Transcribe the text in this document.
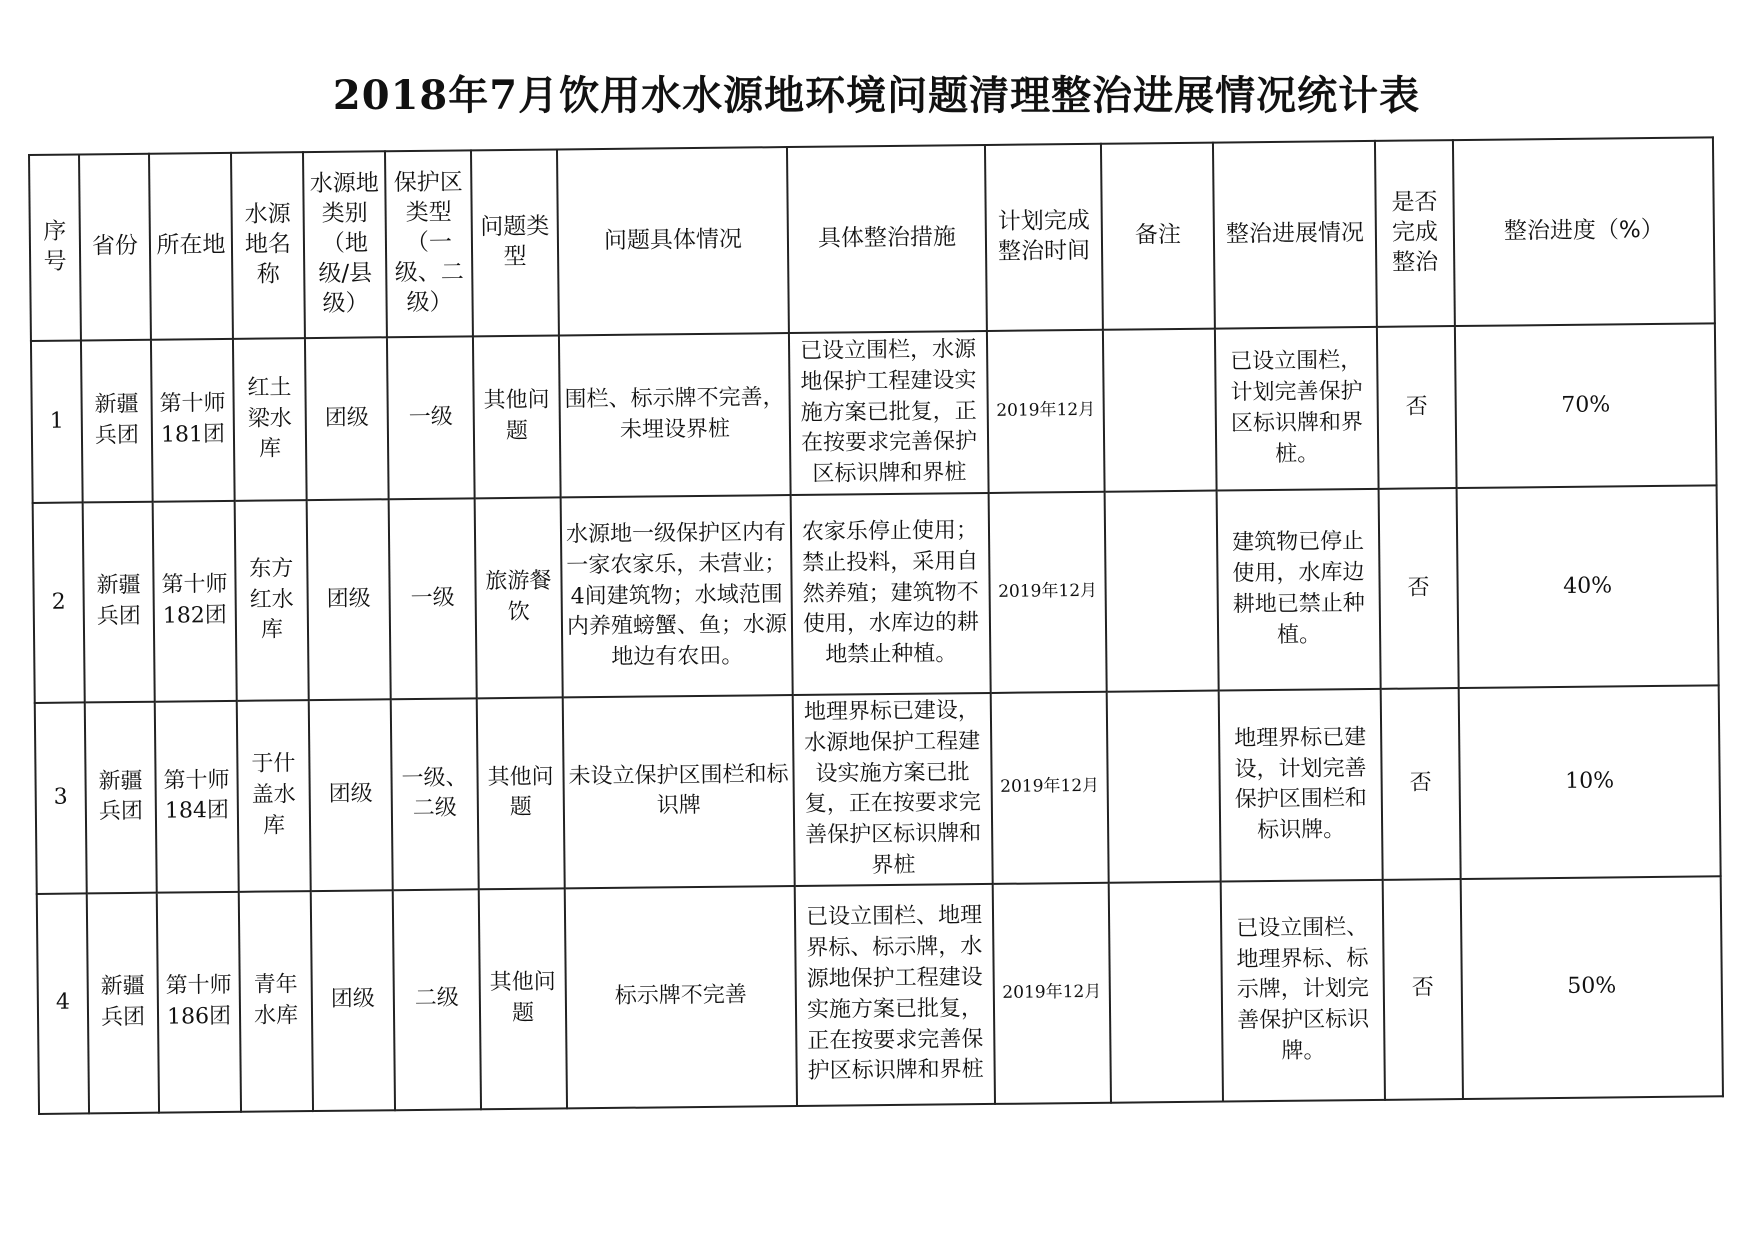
2018年7月饮用水水源地环境问题清理整治进展情况统计表
序号	省份	所在地	水源地名称	水源地类别（地级/县级）	保护区类型（一级、二级）	问题类型	问题具体情况	具体整治措施	计划完成整治时间	备注	整治进展情况	是否完成整治	整治进度（%）
1	新疆兵团	第十师181团	红土梁水库	团级	一级	其他问题	围栏、标示牌不完善，未埋设界桩	已设立围栏，水源地保护工程建设实施方案已批复，正在按要求完善保护区标识牌和界桩	2019年12月		已设立围栏，计划完善保护区标识牌和界桩。	否	70%
2	新疆兵团	第十师182团	东方红水库	团级	一级	旅游餐饮	水源地一级保护区内有一家农家乐，未营业；4间建筑物；水域范围内养殖螃蟹、鱼；水源地边有农田。	农家乐停止使用；禁止投料，采用自然养殖；建筑物不使用，水库边的耕地禁止种植。	2019年12月		建筑物已停止使用，水库边耕地已禁止种植。	否	40%
3	新疆兵团	第十师184团	于什盖水库	团级	一级、二级	其他问题	未设立保护区围栏和标识牌	地理界标已建设，水源地保护工程建设实施方案已批复，正在按要求完善保护区标识牌和界桩	2019年12月		地理界标已建设，计划完善保护区围栏和标识牌。	否	10%
4	新疆兵团	第十师186团	青年水库	团级	二级	其他问题	标示牌不完善	已设立围栏、地理界标、标示牌，水源地保护工程建设实施方案已批复，正在按要求完善保护区标识牌和界桩	2019年12月		已设立围栏、地理界标、标示牌，计划完善保护区标识牌。	否	50%
